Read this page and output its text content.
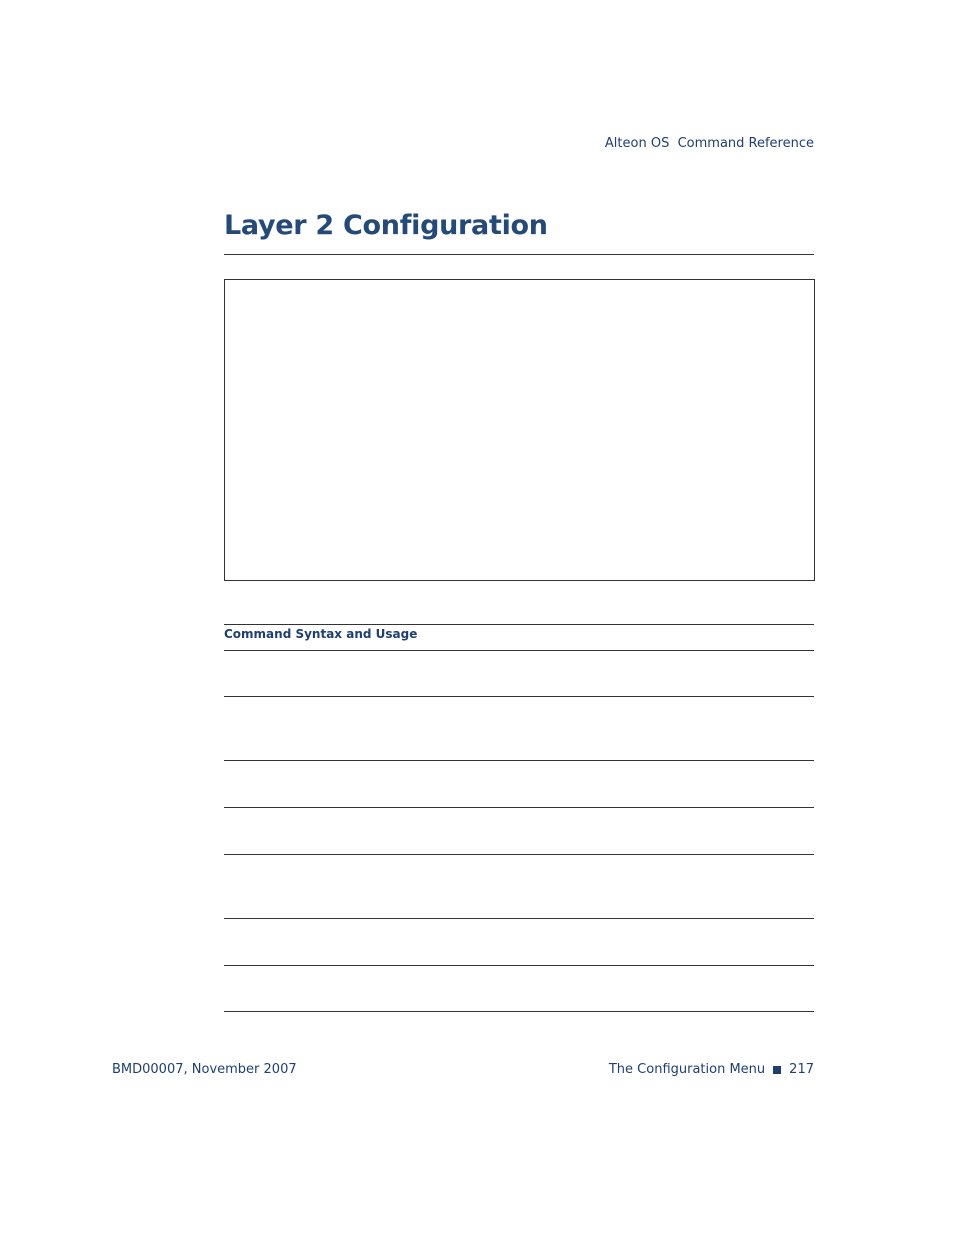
Alteon OS  Command Reference
Layer 2 Configuration
Command Syntax and Usage
BMD00007, November 2007	The Configuration Menu 217
